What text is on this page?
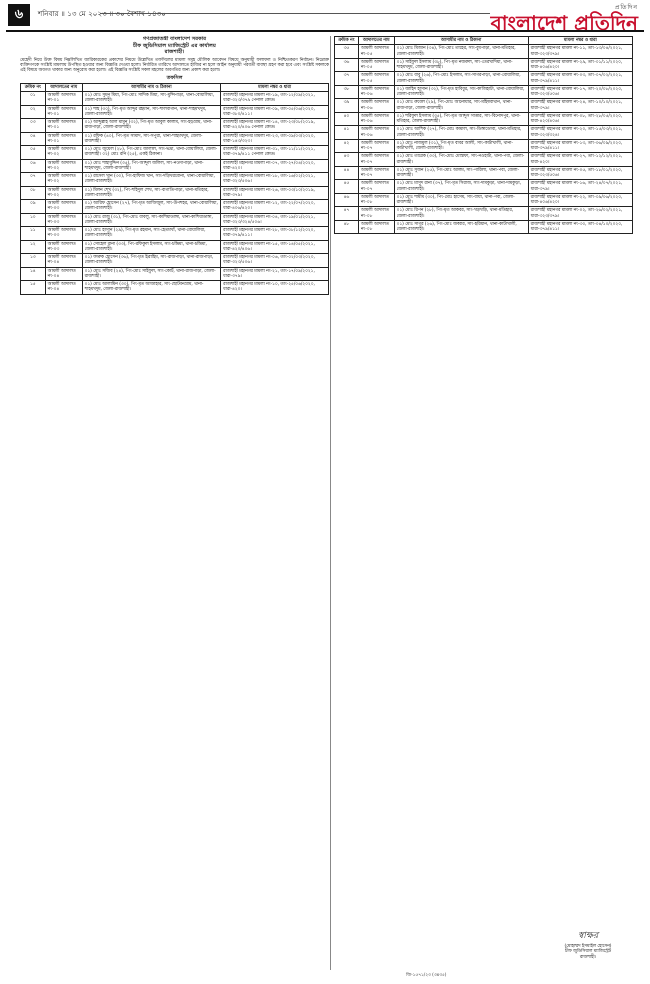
৬	শনিবার ॥ ১৩ মে ২০২৩ ॥ ৩০ বৈশাখ ১৪৩০
প্রতিদিন
বাংলাদেশ প্রতিদিন
গণপ্রজাতন্ত্রী বাংলাদেশ সরকার
চীফ জুডিসিয়াল ম্যাজিস্ট্রেট এর কার্যালয়
রাজশাহী।
মেহেদী নিয়ে উক্ত বিষয় নিম্নলিখিত জারিকারকের প্রকাশের নিয়মে উল্লেখিত তফসিলের মামলা সমূহ মৌলিক আবেদন বিষয়ে অনুযায়ী ফলাফল ও নিশ্চিতকরণ নির্বাচন। নিম্নোক্ত ব্যক্তিগণকে সংশ্লিষ্ট মামলায় উপস্থিত হওয়ার জন্য বিজ্ঞপ্তি দেওয়া হলো। নির্ধারিত তারিখে আদালতে হাজির না হলে আইন অনুযায়ী পরবর্তী ব্যবস্থা গ্রহণ করা হবে এবং সংশ্লিষ্ট সকলকে এই বিষয়ে অবগত থাকার জন্য অনুরোধ করা হলো। এই বিজ্ঞপ্তি সংশ্লিষ্ট সকল মহলের অবগতির জন্য প্রকাশ করা হলো।
তফসিল
ক্রমিক নং	আদালতের নাম	আসামীর নাম ও ঠিকানা	মামলা নম্বর ও ধারা
০১	আমলী আদালত নং-০১	০১) মোঃ সুমন মিয়া, পিং-মোঃ সাদিক মিয়া, সাং-মুন্সিপাড়া, থানা-বোয়ালিয়া, জেলা-রাজশাহী।	রাজশাহী মহানগর মামলা নং-১৯, তাং-১২/০৯/২০২১, ধারা-৩২৩/৩৭৯ পেনাল কোড।
০২	আমলী আদালত নং-০১	০১) শাহ (৩০), পিং-মৃত আব্দুর রহমান, সাং-শালবাগান, থানা-শাহমখদুম, জেলা-রাজশাহী।	রাজশাহী মহানগর মামলা নং-০৯, তাং-০৫/০৬/২০২০, ধারা-৩৮০/৪১১।
০৩	আমলী আদালত নং-০১	০১) আব্দুল্লাহ আল মামুন (৩২), পিং-মৃত আবুল কালাম, সাং-হড়গ্রাম, থানা-রাজপাড়া, জেলা-রাজশাহী।	রাজশাহী মহানগর মামলা নং-১৪, তাং-২৩/০৮/২০১৯, ধারা-৪২০/৪০৬ পেনাল কোড।
০৪	আমলী আদালত নং-০১	০১) রফিক (৪০), পিং-মৃত সামাদ, সাং-সপুরা, থানা-শাহমখদুম, জেলা-রাজশাহী।	রাজশাহী মহানগর মামলা নং-২৩, তাং-০৯/০৩/২০২০, ধারা-১৪৩/৩২৩।
০৫	আমলী আদালত নং-০২	০১) মোঃ জুয়েল (২৮), পিং-মোঃ জালাল, সাং-ভদ্রা, থানা-বোয়ালিয়া, জেলা-রাজশাহী। ০২) মোঃ রনি (২৫), একই ঠিকানা।	রাজশাহী মহানগর মামলা নং-৩১, তাং-১১/১১/২০২১, ধারা-৩৭৯/৪১১ পেনাল কোড।
০৬	আমলী আদালত নং-০২	০১) মোঃ শাহাবুদ্দিন (৩৫), পিং-আব্দুল জলিল, সাং-নওদাপাড়া, থানা-শাহমখদুম, জেলা-রাজশাহী।	রাজশাহী মহানগর মামলা নং-০৭, তাং-২৭/০৪/২০২০, ধারা-৪২০।
০৭	আমলী আদালত নং-০২	০১) রাসেল খান (৩০), পিং-হাফিজ খান, সাং-দড়িখরবোনা, থানা-বোয়ালিয়া, জেলা-রাজশাহী।	রাজশাহী মহানগর মামলা নং-১৮, তাং-১৬/০২/২০২১, ধারা-৩২৩/৫০৬।
০৮	আমলী আদালত নং-০২	০১) মিলন শেখ (৩২), পিং-শহিদুল শেখ, সাং-বাগাতিপাড়া, থানা-মতিহার, জেলা-রাজশাহী।	রাজশাহী মহানগর মামলা নং-২৬, তাং-০৩/১০/২০১৯, ধারা-৩৭৯।
০৯	আমলী আদালত নং-০৩	০১) আরিফ হোসেন (২৭), পিং-মৃত আজিজুল, সাং-উপশহর, থানা-বোয়ালিয়া, জেলা-রাজশাহী।	রাজশাহী মহানগর মামলা নং-১২, তাং-২২/০৭/২০২০, ধারা-৪০৬/৪২০।
১০	আমলী আদালত নং-০৩	০১) মোঃ রাজু (৩১), পিং-মোঃ বাবলু, সাং-কাশিয়াডাঙ্গা, থানা-কাশিয়াডাঙ্গা, জেলা-রাজশাহী।	রাজশাহী মহানগর মামলা নং-০৪, তাং-১৯/০১/২০২১, ধারা-৩২৩/৩২৪/৫০৬।
১১	আমলী আদালত নং-০৩	০১) মোঃ হাসান (২৯), পিং-মৃত রহমান, সাং-হেতমখাঁ, থানা-বোয়ালিয়া, জেলা-রাজশাহী।	রাজশাহী মহানগর মামলা নং-২৮, তাং-০৮/১২/২০২০, ধারা-৩৭৯/৪১১।
১২	আমলী আদালত নং-০৩	০১) সোহেল রানা (৩৩), পিং-রফিকুল ইসলাম, সাং-চন্দ্রিমা, থানা-চন্দ্রিমা, জেলা-রাজশাহী।	রাজশাহী মহানগর মামলা নং-১৫, তাং-১৪/০৫/২০২১, ধারা-৪২০/৪০৬।
১৩	আমলী আদালত নং-০৪	০১) ফারুক হোসেন (৩৬), পিং-মৃত ইব্রাহিম, সাং-রাজপাড়া, থানা-রাজপাড়া, জেলা-রাজশাহী।	রাজশাহী মহানগর মামলা নং-০৬, তাং-০২/০৩/২০২০, ধারা-৩২৩/৫০৬।
১৪	আমলী আদালত নং-০৪	০১) মোঃ সজিব (২৪), পিং-মোঃ সাইফুল, সাং-কোর্ট, থানা-রাজপাড়া, জেলা-রাজশাহী।	রাজশাহী মহানগর মামলা নং-২১, তাং-১৭/০৯/২০২১, ধারা-৩৭৯।
১৫	আমলী আদালত নং-০৪	০১) মোঃ আলামিন (৩০), পিং-মৃত আজাহার, সাং-ছোটবনগ্রাম, থানা-শাহমখদুম, জেলা-রাজশাহী।	রাজশাহী মহানগর মামলা নং-১০, তাং-২৫/০৬/২০২০, ধারা-৪২০।
ক্রমিক নং	আদালতের নাম	আসামীর নাম ও ঠিকানা	মামলা নম্বর ও ধারা
৩৫	আমলী আদালত নং-০৫	০১) মোঃ মিজান (৩৪), পিং-মোঃ তাহের, সাং-বুধপাড়া, থানা-মতিহার, জেলা-রাজশাহী।	রাজশাহী মহানগর মামলা নং-১১, তাং-১৩/০৪/২০২১, ধারা-৩২৩/৩৭৯।
৩৬	আমলী আদালত নং-০৫	০১) সাইফুল ইসলাম (৩৮), পিং-মৃত নজরুল, সাং-তেরখাদিয়া, থানা-শাহমখদুম, জেলা-রাজশাহী।	রাজশাহী মহানগর মামলা নং-২৯, তাং-০১/১১/২০২০, ধারা-৪০৬/৪২০।
৩৭	আমলী আদালত নং-০৫	০১) মোঃ বাবু (২৬), পিং-মোঃ ইসলাম, সাং-সাগরপাড়া, থানা-বোয়ালিয়া, জেলা-রাজশাহী।	রাজশাহী মহানগর মামলা নং-০৩, তাং-০৭/০২/২০২১, ধারা-৩৭৯/৪১১।
৩৮	আমলী আদালত নং-০৬	০১) জাহিদ হাসান (৩২), পিং-মৃত হাবিবুর, সাং-কাজিহাটা, থানা-বোয়ালিয়া, জেলা-রাজশাহী।	রাজশাহী মহানগর মামলা নং-১৭, তাং-২০/০৮/২০২০, ধারা-৩২৩/৫০৬।
৩৯	আমলী আদালত নং-০৬	০১) মোঃ রুবেল (২৯), পিং-মোঃ আনোয়ার, সাং-মহিষবাথান, থানা-রাজপাড়া, জেলা-রাজশাহী।	রাজশাহী মহানগর মামলা নং-২৪, তাং-১০/১০/২০২১, ধারা-৩৭৯।
৪০	আমলী আদালত নং-০৬	০১) শরিফুল ইসলাম (৩৫), পিং-মৃত আব্দুস সাত্তার, সাং-বিনোদপুর, থানা-মতিহার, জেলা-রাজশাহী।	রাজশাহী মহানগর মামলা নং-০৮, তাং-২৮/০৫/২০২০, ধারা-৪২০/৪০৬।
৪১	আমলী আদালত নং-০৬	০১) মোঃ আশিক (২৭), পিং-মোঃ কামাল, সাং-ডিঙ্গাডোবা, থানা-মতিহার, জেলা-রাজশাহী।	রাজশাহী মহানগর মামলা নং-২০, তাং-১৫/০৩/২০২১, ধারা-৩২৩/৩২৪।
৪২	আমলী আদালত নং-০৭	০১) মোঃ নাজমুল (৩১), পিং-মৃত বাবর আলী, সাং-কাটাখালী, থানা-কাটাখালী, জেলা-রাজশাহী।	রাজশাহী মহানগর মামলা নং-১৩, তাং-০৬/০৯/২০২০, ধারা-৩৭৯/৪১১।
৪৩	আমলী আদালত নং-০৭	০১) মোঃ তারেক (৩৩), পিং-মোঃ মোস্তফা, সাং-নওহাটা, থানা-পবা, জেলা-রাজশাহী।	রাজশাহী মহানগর মামলা নং-২৭, তাং-১২/১২/২০২১, ধারা-৪২০।
৪৪	আমলী আদালত নং-০৭	০১) মোঃ সুজন (২৫), পিং-মোঃ আলম, সাং-পারিলা, থানা-পবা, জেলা-রাজশাহী।	রাজশাহী মহানগর মামলা নং-০৫, তাং-১৮/০১/২০২০, ধারা-৩২৩/৫০৬।
৪৫	আমলী আদালত নং-০৭	০১) মোঃ মাসুদ রানা (৩৭), পিং-মৃত সিরাজ, সাং-দামকুড়া, থানা-দামকুড়া, জেলা-রাজশাহী।	রাজশাহী মহানগর মামলা নং-১৬, তাং-২৪/০৭/২০২১, ধারা-৩৭৯।
৪৬	আমলী আদালত নং-০৮	০১) মোঃ শামীম (৩০), পিং-মোঃ হাসেম, সাং-বায়া, থানা-পবা, জেলা-রাজশাহী।	রাজশাহী মহানগর মামলা নং-২২, তাং-০৯/০৬/২০২০, ধারা-৪০৬/৪২০।
৪৭	আমলী আদালত নং-০৮	০১) মোঃ রিপন (২৮), পিং-মৃত আকবর, সাং-খড়খড়ি, থানা-মতিহার, জেলা-রাজশাহী।	রাজশাহী মহানগর মামলা নং-০২, তাং-২৬/০২/২০২১, ধারা-৩২৩/৩৭৯।
৪৮	আমলী আদালত নং-০৮	০১) মোঃ সাগর (২৬), পিং-মোঃ জব্বার, সাং-হরিয়ান, থানা-কাটাখালী, জেলা-রাজশাহী।	রাজশাহী মহানগর মামলা নং-৩০, তাং-০৪/১০/২০২০, ধারা-৩৭৯/৪১১।
স্বাক্ষর
(মোহাম্মদ ইসমাইল হোসেন)
চীফ জুডিসিয়াল ম্যাজিস্ট্রেট
রাজশাহী।
জি-১৫৭১/২৩ (৩x৩৫)
